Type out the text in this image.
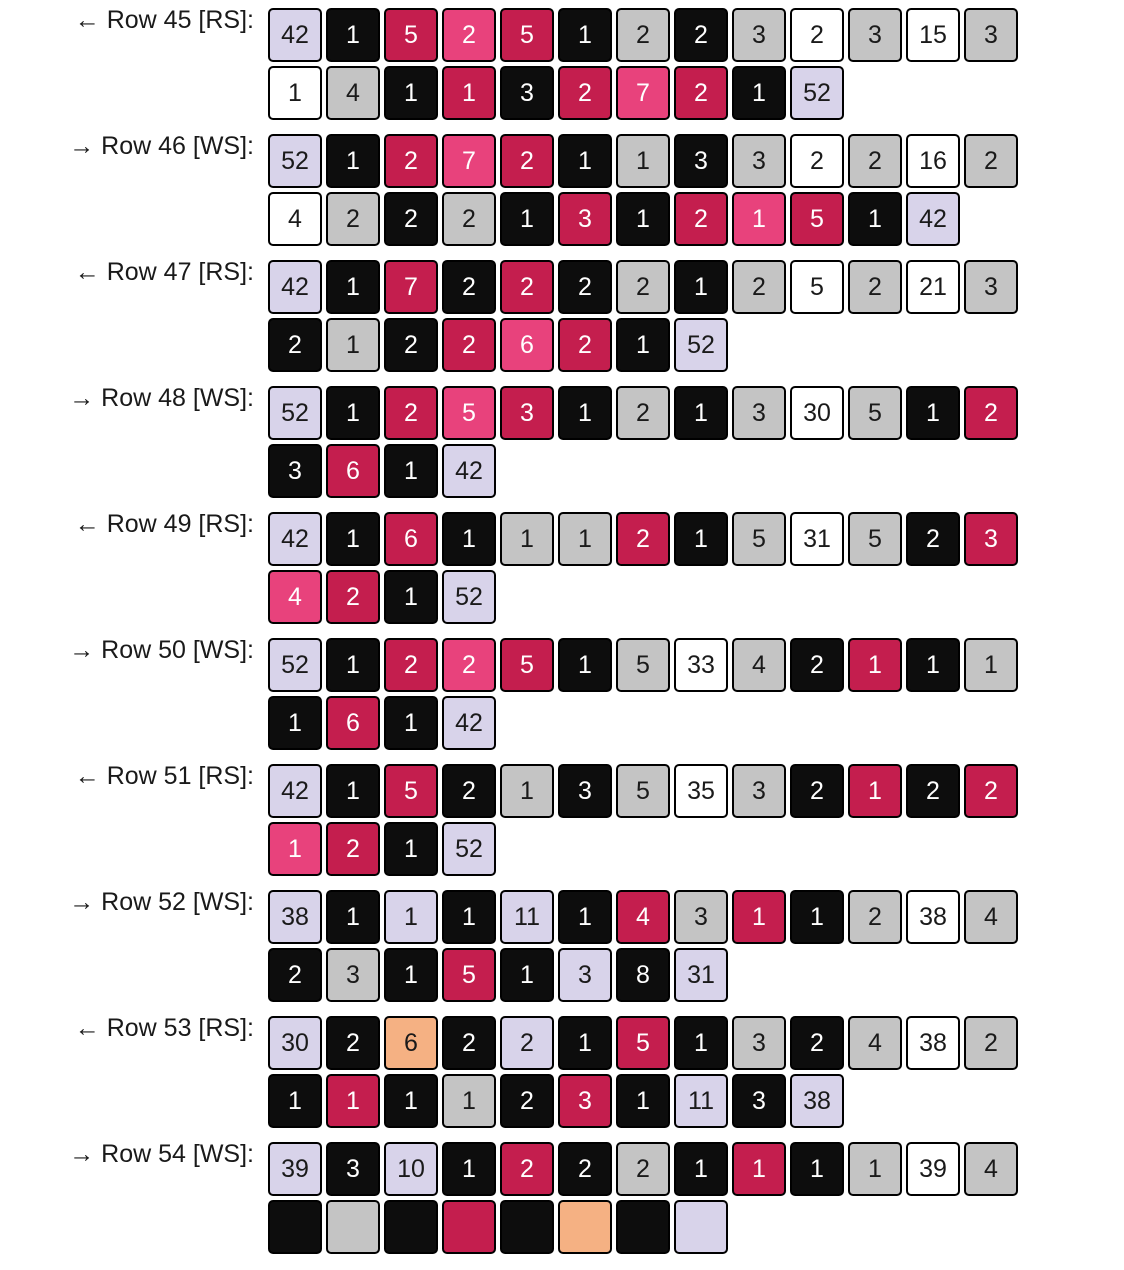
← Row 45 [RS]:
42	1	5	2	5	1	2	2	3	2	3	15	3
1	4	1	1	3	2	7	2	1	52
→ Row 46 [WS]:
52	1	2	7	2	1	1	3	3	2	2	16	2
4	2	2	2	1	3	1	2	1	5	1	42
← Row 47 [RS]:
42	1	7	2	2	2	2	1	2	5	2	21	3
2	1	2	2	6	2	1	52
→ Row 48 [WS]:
52	1	2	5	3	1	2	1	3	30	5	1	2
3	6	1	42
← Row 49 [RS]:
42	1	6	1	1	1	2	1	5	31	5	2	3
4	2	1	52
→ Row 50 [WS]:
52	1	2	2	5	1	5	33	4	2	1	1	1
1	6	1	42
← Row 51 [RS]:
42	1	5	2	1	3	5	35	3	2	1	2	2
1	2	1	52
→ Row 52 [WS]:
38	1	1	1	11	1	4	3	1	1	2	38	4
2	3	1	5	1	3	8	31
← Row 53 [RS]:
30	2	6	2	2	1	5	1	3	2	4	38	2
1	1	1	1	2	3	1	11	3	38
→ Row 54 [WS]:
39	3	10	1	2	2	2	1	1	1	1	39	4
